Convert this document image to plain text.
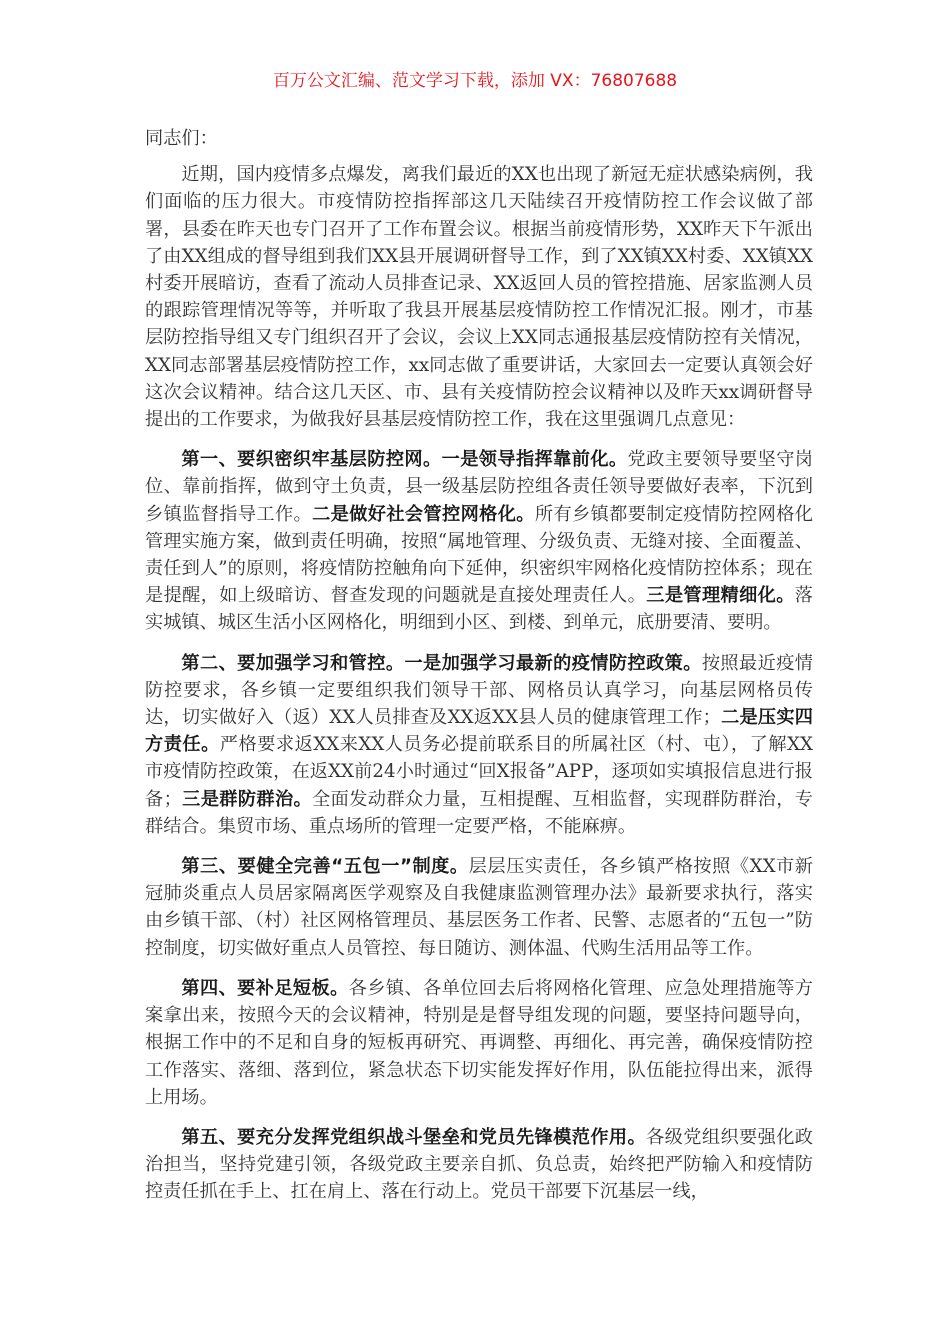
百万公文汇编、范文学习下载，添加 VX：76807688

同志们：

近期，国内疫情多点爆发，离我们最近的XX也出现了新冠无症状感染病例，我们面临的压力很大。市疫情防控指挥部这几天陆续召开疫情防控工作会议做了部署，县委在昨天也专门召开了工作布置会议。根据当前疫情形势，XX昨天下午派出了由XX组成的督导组到我们XX县开展调研督导工作，到了XX镇XX村委、XX镇XX村委开展暗访，查看了流动人员排查记录、XX返回人员的管控措施、居家监测人员的跟踪管理情况等等，并听取了我县开展基层疫情防控工作情况汇报。刚才，市基层防控指导组又专门组织召开了会议，会议上XX同志通报基层疫情防控有关情况，XX同志部署基层疫情防控工作，xx同志做了重要讲话，大家回去一定要认真领会好这次会议精神。结合这几天区、市、县有关疫情防控会议精神以及昨天xx调研督导提出的工作要求，为做我好县基层疫情防控工作，我在这里强调几点意见：

第一、要织密织牢基层防控网。一是领导指挥靠前化。党政主要领导要坚守岗位、靠前指挥，做到守土负责，县一级基层防控组各责任领导要做好表率，下沉到乡镇监督指导工作。二是做好社会管控网格化。所有乡镇都要制定疫情防控网格化管理实施方案，做到责任明确，按照“属地管理、分级负责、无缝对接、全面覆盖、责任到人”的原则，将疫情防控触角向下延伸，织密织牢网格化疫情防控体系；现在是提醒，如上级暗访、督查发现的问题就是直接处理责任人。三是管理精细化。落实城镇、城区生活小区网格化，明细到小区、到楼、到单元，底册要清、要明。

第二、要加强学习和管控。一是加强学习最新的疫情防控政策。按照最近疫情防控要求，各乡镇一定要组织我们领导干部、网格员认真学习，向基层网格员传达，切实做好入（返）XX人员排查及XX返XX县人员的健康管理工作；二是压实四方责任。严格要求返XX来XX人员务必提前联系目的所属社区（村、屯），了解XX市疫情防控政策，在返XX前24小时通过“回X报备”APP，逐项如实填报信息进行报备；三是群防群治。全面发动群众力量，互相提醒、互相监督，实现群防群治，专群结合。集贸市场、重点场所的管理一定要严格，不能麻痹。

第三、要健全完善“五包一”制度。层层压实责任，各乡镇严格按照《XX市新冠肺炎重点人员居家隔离医学观察及自我健康监测管理办法》最新要求执行，落实由乡镇干部、（村）社区网格管理员、基层医务工作者、民警、志愿者的“五包一”防控制度，切实做好重点人员管控、每日随访、测体温、代购生活用品等工作。

第四、要补足短板。各乡镇、各单位回去后将网格化管理、应急处理措施等方案拿出来，按照今天的会议精神，特别是是督导组发现的问题，要坚持问题导向，根据工作中的不足和自身的短板再研究、再调整、再细化、再完善，确保疫情防控工作落实、落细、落到位，紧急状态下切实能发挥好作用，队伍能拉得出来，派得上用场。

第五、要充分发挥党组织战斗堡垒和党员先锋模范作用。各级党组织要强化政治担当，坚持党建引领，各级党政主要亲自抓、负总责，始终把严防输入和疫情防控责任抓在手上、扛在肩上、落在行动上。党员干部要下沉基层一线，
